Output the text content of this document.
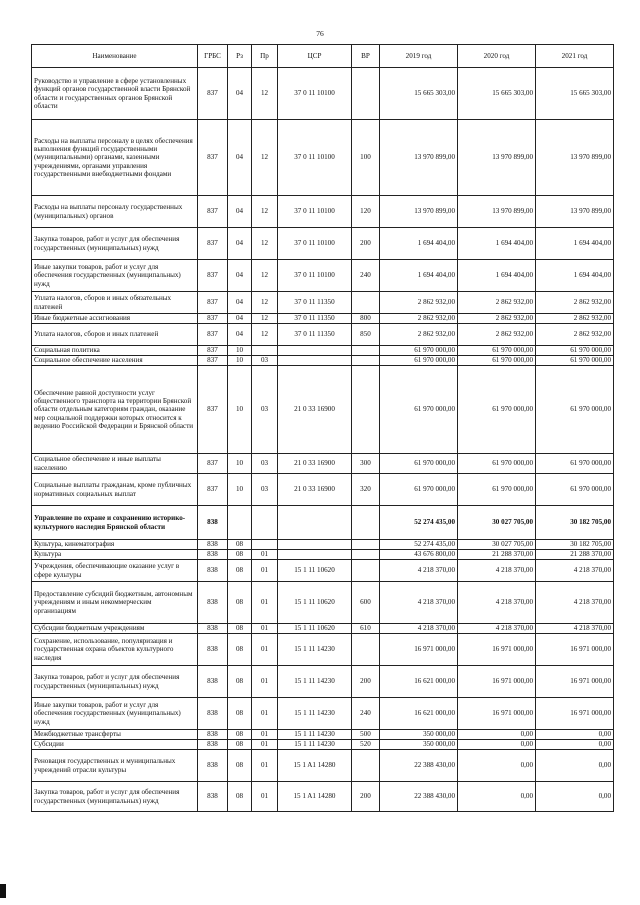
76
Наименование	ГРБС	Рз	Пр	ЦСР	ВР	2019 год	2020 год	2021 год
Руководство и управление в сфере установленных функций органов государственной власти Брянской области и государственных органов Брянской области	837	04	12	37 0 11 10100		15 665 303,00	15 665 303,00	15 665 303,00
Расходы на выплаты персоналу в целях обеспечения выполнения функций государственными (муниципальными) органами, казенными учреждениями, органами управления государственными внебюджетными фондами	837	04	12	37 0 11 10100	100	13 970 899,00	13 970 899,00	13 970 899,00
Расходы на выплаты персоналу государственных (муниципальных) органов	837	04	12	37 0 11 10100	120	13 970 899,00	13 970 899,00	13 970 899,00
Закупка товаров, работ и услуг для обеспечения государственных (муниципальных) нужд	837	04	12	37 0 11 10100	200	1 694 404,00	1 694 404,00	1 694 404,00
Иные закупки товаров, работ и услуг для обеспечения государственных (муниципальных) нужд	837	04	12	37 0 11 10100	240	1 694 404,00	1 694 404,00	1 694 404,00
Уплата налогов, сборов и иных обязательных платежей	837	04	12	37 0 11 11350		2 862 932,00	2 862 932,00	2 862 932,00
Иные бюджетные ассигнования	837	04	12	37 0 11 11350	800	2 862 932,00	2 862 932,00	2 862 932,00
Уплата налогов, сборов и иных платежей	837	04	12	37 0 11 11350	850	2 862 932,00	2 862 932,00	2 862 932,00
Социальная политика	837	10				61 970 000,00	61 970 000,00	61 970 000,00
Социальное обеспечение населения	837	10	03			61 970 000,00	61 970 000,00	61 970 000,00
Обеспечение равной доступности услуг общественного транспорта на территории Брянской области отдельным категориям граждан, оказание мер социальной поддержки которых относится к ведению Российской Федерации и Брянской области	837	10	03	21 0 33 16900		61 970 000,00	61 970 000,00	61 970 000,00
Социальное обеспечение и иные выплаты населению	837	10	03	21 0 33 16900	300	61 970 000,00	61 970 000,00	61 970 000,00
Социальные выплаты гражданам, кроме публичных нормативных социальных выплат	837	10	03	21 0 33 16900	320	61 970 000,00	61 970 000,00	61 970 000,00
Управление по охране и сохранению историко-культурного наследия Брянской области	838					52 274 435,00	30 027 705,00	30 182 705,00
Культура, кинематография	838	08				52 274 435,00	30 027 705,00	30 182 705,00
Культура	838	08	01			43 676 800,00	21 288 370,00	21 288 370,00
Учреждения, обеспечивающие оказание услуг в сфере культуры	838	08	01	15 1 11 10620		4 218 370,00	4 218 370,00	4 218 370,00
Предоставление субсидий бюджетным, автономным учреждениям и иным некоммерческим организациям	838	08	01	15 1 11 10620	600	4 218 370,00	4 218 370,00	4 218 370,00
Субсидии бюджетным учреждениям	838	08	01	15 1 11 10620	610	4 218 370,00	4 218 370,00	4 218 370,00
Сохранение, использование, популяризация и государственная охрана объектов культурного наследия	838	08	01	15 1 11 14230		16 971 000,00	16 971 000,00	16 971 000,00
Закупка товаров, работ и услуг для обеспечения государственных (муниципальных) нужд	838	08	01	15 1 11 14230	200	16 621 000,00	16 971 000,00	16 971 000,00
Иные закупки товаров, работ и услуг для обеспечения государственных (муниципальных) нужд	838	08	01	15 1 11 14230	240	16 621 000,00	16 971 000,00	16 971 000,00
Межбюджетные трансферты	838	08	01	15 1 11 14230	500	350 000,00	0,00	0,00
Субсидии	838	08	01	15 1 11 14230	520	350 000,00	0,00	0,00
Реновация государственных и муниципальных учреждений отрасли культуры	838	08	01	15 1 A1 14280		22 388 430,00	0,00	0,00
Закупка товаров, работ и услуг для обеспечения государственных (муниципальных) нужд	838	08	01	15 1 A1 14280	200	22 388 430,00	0,00	0,00
